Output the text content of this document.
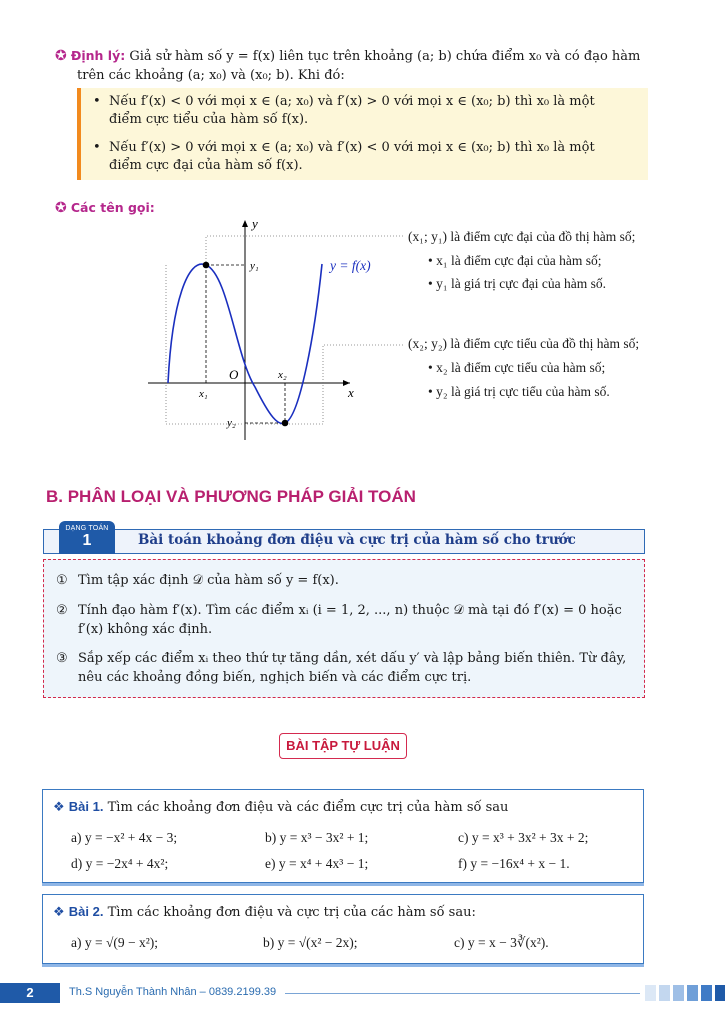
✪ Định lý: Giả sử hàm số y = f(x) liên tục trên khoảng (a; b) chứa điểm x₀ và có đạo hàm
trên các khoảng (a; x₀) và (x₀; b). Khi đó:
• Nếu f′(x) < 0 với mọi x ∈ (a; x₀) và f′(x) > 0 với mọi x ∈ (x₀; b) thì x₀ là một
điểm cực tiểu của hàm số f(x).
• Nếu f′(x) > 0 với mọi x ∈ (a; x₀) và f′(x) < 0 với mọi x ∈ (x₀; b) thì x₀ là một
điểm cực đại của hàm số f(x).
✪ Các tên gọi:
y
x
O
x₁
x₂
y₁
y₂
y = f(x)
(x₁; y₁) là điểm cực đại của đồ thị hàm số;
• x₁ là điểm cực đại của hàm số;
• y₁ là giá trị cực đại của hàm số.
(x₂; y₂) là điểm cực tiểu của đồ thị hàm số;
• x₂ là điểm cực tiểu của hàm số;
• y₂ là giá trị cực tiểu của hàm số.
B. PHÂN LOẠI VÀ PHƯƠNG PHÁP GIẢI TOÁN
DẠNG TOÁN
1	Bài toán khoảng đơn điệu và cực trị của hàm số cho trước
① Tìm tập xác định 𝒟 của hàm số y = f(x).
② Tính đạo hàm f′(x). Tìm các điểm xᵢ (i = 1, 2, ..., n) thuộc 𝒟 mà tại đó f′(x) = 0 hoặc
f′(x) không xác định.
③ Sắp xếp các điểm xᵢ theo thứ tự tăng dần, xét dấu y′ và lập bảng biến thiên. Từ đây,
nêu các khoảng đồng biến, nghịch biến và các điểm cực trị.
BÀI TẬP TỰ LUẬN
❖ Bài 1. Tìm các khoảng đơn điệu và các điểm cực trị của hàm số sau
a) y = −x² + 4x − 3;	b) y = x³ − 3x² + 1;	c) y = x³ + 3x² + 3x + 2;
d) y = −2x⁴ + 4x²;	e) y = x⁴ + 4x³ − 1;	f) y = −16x⁴ + x − 1.
❖ Bài 2. Tìm các khoảng đơn điệu và cực trị của các hàm số sau:
a) y = √(9 − x²);	b) y = √(x² − 2x);	c) y = x − 3∛(x²).
2	Th.S Nguyễn Thành Nhân – 0839.2199.39
